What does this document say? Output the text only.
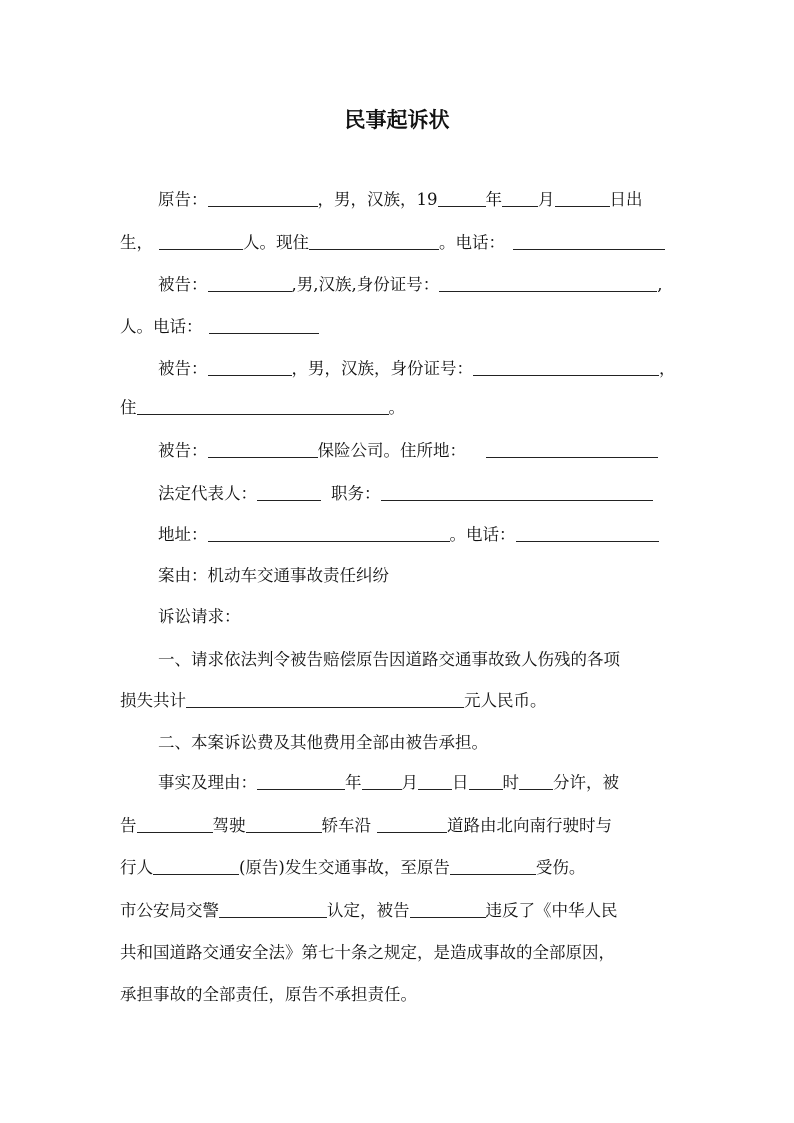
民事起诉状
原告：	，男，汉族，19	年 月	日出
生，	人。现住	。电话：
被告：	,男,汉族,身份证号：	,
人。电话：
被告：	，男，汉族，身份证号：	，
住	。
被告：	保险公司。住所地：
法定代表人：	职务：
地址：	。电话：
案由：机动车交通事故责任纠纷
诉讼请求：
一、请求依法判令被告赔偿原告因道路交通事故致人伤残的各项
损失共计	元人民币。
二、本案诉讼费及其他费用全部由被告承担。
事实及理由：	年 月 日 时 分许，被
告	驾驶	轿车沿	道路由北向南行驶时与
行人	(原告)发生交通事故，至原告	受伤。
市公安局交警	认定，被告	违反了《中华人民
共和国道路交通安全法》第七十条之规定，是造成事故的全部原因，
承担事故的全部责任，原告不承担责任。
